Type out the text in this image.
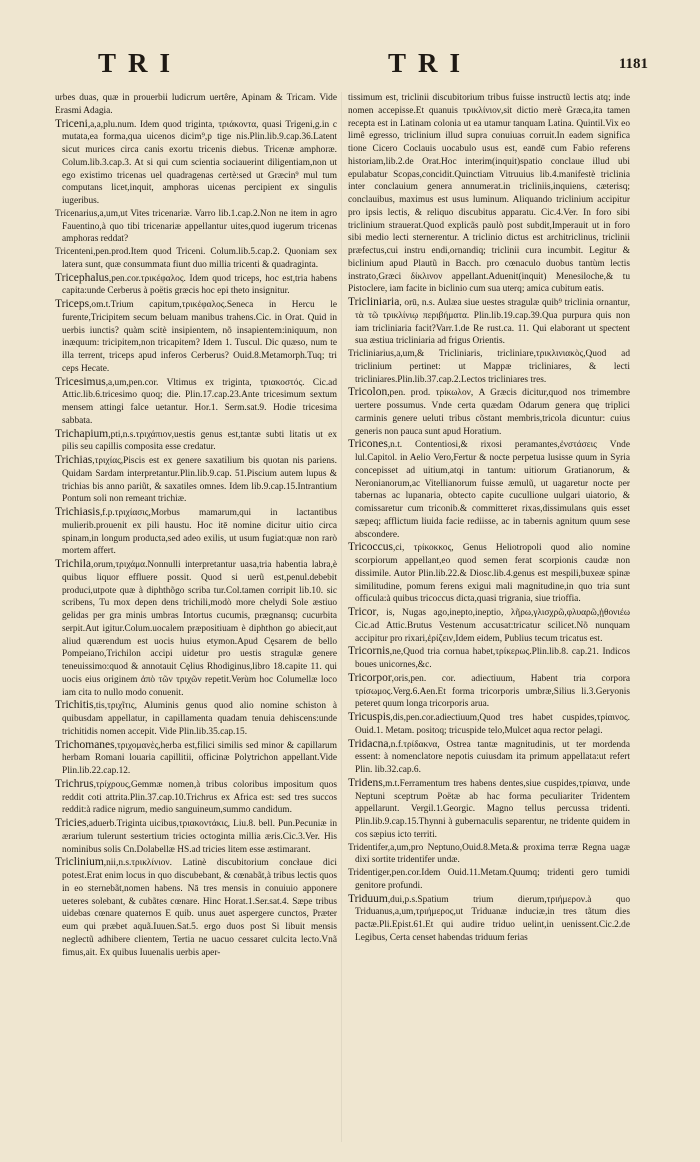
TRI	TRI	1181

urbes duas, quæ in prouerbii ludicrum uertêre, Apinam & Tricam. Vide Erasmi Adagia.

Triceni,a,a,plu.num. Idem quod triginta, τριάκοντα, quasi Trigeni,g.in c mutata,ea forma,qua uicenos dicim⁹,p tige nis.Plin.lib.9.cap.36.Latent sicut murices circa canis exortu tricenis diebus. Tricenæ amphoræ. Colum.lib.3.cap.3. At si qui cum scientia sociauerint diligentiam,non ut ego existimo tricenas uel quadragenas certè:sed ut Græcin⁹ mul tum computans licet,inquit, amphoras uicenas percipient ex singulis iugeribus.

Tricenarius,a,um,ut Vites tricenariæ. Varro lib.1.cap.2.Non ne item in agro Fauentino,à quo tibi tricenariæ appellantur uites,quod iugerum tricenas amphoras reddat?

Tricenteni,pen.prod.Item quod Triceni. Colum.lib.5.cap.2. Quoniam sex latera sunt, quæ consummata fiunt duo millia tricenti & quadraginta.

Tricephalus,pen.cor.τρικέφαλος. Idem quod triceps, hoc est,tria habens capita:unde Cerberus à poëtis græcis hoc epi theto insignitur.

Triceps,om.t.Trium capitum,τρικέφαλος.Seneca in Hercu le furente,Tricipitem secum beluam manibus trahens.Cic. in Orat. Quid in uerbis iunctis? quàm scitè insipientem, nõ insapientem:iniquum, non inæquum: tricipitem,non tricapitem? Idem 1. Tuscul. Dic quæso, num te illa terrent, triceps apud inferos Cerberus? Ouid.8.Metamorph.Tuq; tri ceps Hecate.

Tricesimus,a,um,pen.cor. Vltimus ex triginta, τριακοστός. Cic.ad Attic.lib.6.tricesimo quoq; die. Plin.17.cap.23.Ante tricesimum sextum mensem attingi falce uetantur. Hor.1. Serm.sat.9. Hodie tricesima sabbata.

Trichapium,pti,n.s.τριχάπιον,uestis genus est,tantæ subti litatis ut ex pilis seu capillis composita esse credatur.

Trichias,τριχίας,Piscis est ex genere saxatilium bis quotan nis pariens. Quidam Sardam interpretantur.Plin.lib.9.cap. 51.Piscium autem lupus & trichias bis anno pariũt, & saxatiles omnes. Idem lib.9.cap.15.Intrantium Pontum soli non remeant trichiæ.

Trichiasis,f.p.τριχίασις,Morbus mamarum,qui in lactantibus mulierib.prouenit ex pili haustu. Hoc itē nomine dicitur uitio circa spinam,in longum producta,sed adeo exilis, ut usum fugiat:quæ non rarò mortem affert.

Trichila,orum,τριχάμα.Nonnulli interpretantur uasa,tria habentia labra,è quibus liquor effluere possit. Quod si uerũ est,penul.debebit produci,utpote quæ à diphthõgo scriba tur.Col.tamen corripit lib.10. sic scribens, Tu mox depen dens trichili,modò more chelydi Sole æstiuo gelidas per gra minis umbras Intortus cucumis, prægnansq; cucurbita serpit.Aut igitur.Colum.uocalem præpositiuam è diphthon go abiecit,aut aliud quærendum est uocis huius etymon.Apud Cęsarem de bello Pompeiano,Trichilon accipi uidetur pro uestis stragulæ genere teneuissimo:quod & annotauit Cęlius Rhodiginus,libro 18.capite 11. qui uocis eius originem ἀπὸ τῶν τριχῶν repetit.Verùm hoc Columellæ loco iam cita to nullo modo conuenit.

Trichitis,tis,τριχῖτις, Aluminis genus quod alio nomine schiston à quibusdam appellatur, in capillamenta quadam tenuia dehiscens:unde trichitidis nomen accepit. Vide Plin.lib.35.cap.15.

Trichomanes,τριχομανὲς,herba est,filici similis sed minor & capillarum herbam Romani louaria capillitii, officinæ Polytrichon appellant.Vide Plin.lib.22.cap.12.

Trichrus,τρίχρους,Gemmæ nomen,à tribus coloribus impositum quos reddit coti attrita.Plin.37.cap.10.Trichrus ex Africa est: sed tres succos reddit:à radice nigrum, medio sanguineum,summo candidum.

Tricies,aduerb.Triginta uicibus,τριακοντάκις, Liu.8. bell. Pun.Pecuniæ in ærarium tulerunt sestertium tricies octoginta millia æris.Cic.3.Ver. His nominibus solis Cn.Dolabellæ HS.ad tricies litem esse æstimarant.

Triclinium,nii,n.s.τρικλίνιον. Latinè discubitorium concłaue dici potest.Erat enim locus in quo discubebant, & cœnabãt,à tribus lectis quos in eo sternebãt,nomen habens. Nā tres mensis in conuiuio apponere ueteres solebant, & cubãtes cœnare. Hinc Horat.1.Ser.sat.4. Sæpe tribus uidebas cœnare quaternos E quib. unus auet aspergere cunctos, Præter eum qui præbet aquã.Iuuen.Sat.5. ergo duos post Si libuit mensis neglectũ adhibere clientem, Tertia ne uacuo cessaret culcita lecto.Vnã fimus,ait. Ex quibus Iuuenalis uerbis aper-

tissimum est, triclinii discubitorium tribus fuisse instructũ lectis atq; inde nomen accepisse.Et quanuis τρικλίνιον,sit dictio merè Græca,ita tamen recepta est in Latinam colonia ut ea utamur tanquam Latina. Quintil.Vix eo limê egresso, triclinium illud supra conuiuas corruit.In eadem significa tione Cicero Coclauis uocabulo usus est, eandē cum Fabio referens historiam,lib.2.de Orat.Hoc interim(inquit)spatio conclaue illud ubi epulabatur Scopas,concidit.Quinctiam Vitruuius lib.4.manifestè triclinia inter conclauium genera annumerat.in tricliniis,inquiens, cæterisq; conclauibus, maximus est usus luminum. Aliquando triclinium accipitur pro ipsis lectis, & reliquo discubitus apparatu. Cic.4.Ver. In foro sibi triclinium strauerat.Quod explicãs paulò post subdit,Imperauit ut in foro sibi medio lecti sternerentur. A triclinio dictus est architriclinus, triclinii præfectus,cui instru endi,ornandiq; triclinii cura incumbit. Legitur & biclinium apud Plautũ in Bacch. pro cœnaculo duobus tantùm lectis instrato,Græci δίκλινον appellant.Aduenit(inquit) Menesiloche,& tu Pistoclere, iam facite in biclinio cum sua uterq; amica cubitum eatis.

Tricliniaria, orū, n.s. Aulæa siue uestes stragulæ quib⁹ triclinia ornantur, τὰ τῶ τρικλίνιῳ περιβήματα. Plin.lib.19.cap.39.Qua purpura quis non iam tricliniaria facit?Varr.1.de Re rust.ca. 11. Qui elaborant ut spectent sua æstiua tricliniaria ad frigus Orientis.

Tricliniarius,a,um,& Tricliniaris, tricliniare,τρικλινιακὸς,Quod ad triclinium pertinet: ut Mappæ tricliniares, & lecti tricliniares.Plin.lib.37.cap.2.Lectos tricliniares tres.

Tricolon,pen. prod. τρίκωλον, A Græcis dicitur,quod nos trimembre uertere possumus. Vnde certa quædam Odarum genera quę triplici carminis genere ueluti tribus cõstant membris,tricola dicuntur: cuius generis non pauca sunt apud Horatium.

Tricones,n.t. Contentiosi,& rixosi peramantes,ἐνστάσεις Vnde lul.Capitol. in Aelio Vero,Fertur & nocte perpetua lusisse quum in Syria concepisset ad uitium,atqi in tantum: uitiorum Gratianorum, & Neronianorum,ac Vitellianorum fuisse æmulũ, ut uagaretur nocte per tabernas ac lupanaria, obtecto capite cucullione uulgari uiatorio, & comissaretur cum triconib.& committeret rixas,dissimulans quis esset sæpeq; afflictum liuida facie rediisse, ac in tabernis agnitum quum sese abscondere.

Tricoccus,ci, τρίκοκκος, Genus Heliotropoli quod alio nomine scorpiorum appellant,eo quod semen ferat scorpionis caudæ non dissimile. Autor Plin.lib.22.& Diosc.lib.4.genus est mespili,buxeæ spinæ similitudine, pomum ferens exigui mali magnitudine,in quo tria sunt officula:à quibus tricoccus dicta,quasi trigrania, siue trioffia.

Tricor, is, Nugas ago,inepto,ineptio, λῆρω,γλισχρῶ,φλυαρῶ,ᾐθονιέω Cic.ad Attic.Brutus Vestenum accusat:tricatur scilicet.Nõ nunquam accipitur pro rixari,ἐρίζειν,Idem eidem, Publius tecum tricatus est.

Tricornis,ne,Quod tria cornua habet,τρίκερως.Plin.lib.8. cap.21. Indicos boues unicornes,&c.

Tricorpor,oris,pen. cor. adiectiuum, Habent tria corpora τρίσωμος.Verg.6.Aen.Et forma tricorporis umbræ,Silius li.3.Geryonis peteret quum longa tricorporis arua.

Tricuspis,dis,pen.cor.adiectiuum,Quod tres habet cuspides,τρίαινος. Ouid.1. Metam. positoq; tricuspide telo,Mulcet aqua rector pelagi.

Tridacna,n.f.τρίδακνα, Ostrea tantæ magnitudinis, ut ter mordenda essent: à nomenclatore nepotis cuiusdam ita primum appellata:ut refert Plin. lib.32.cap.6.

Tridens,m.t.Ferramentum tres habens dentes,siue cuspides,τρίαινα, unde Neptuni sceptrum Poëtæ ab hac forma peculiariter Tridentem appellarunt. Vergil.1.Georgic. Magno tellus percussa tridenti. Plin.lib.9.cap.15.Thynni à gubernaculis separentur, ne tridente quidem in cos sæpius icto territi.

Tridentifer,a,um,pro Neptuno,Ouid.8.Meta.& proxima terræ Regna uagæ dixi sortite tridentifer undæ.

Tridentiger,pen.cor.Idem Ouid.11.Metam.Quumq; tridenti gero tumidi genitore profundi.

Triduum,dui,p.s.Spatium trium dierum,τριήμερον.à quo Triduanus,a,um,τριήμερος,ut Triduanæ induciæ,in tres tãtum dies pactæ.Pli.Epist.61.Et qui audire triduo uelint,in uenissent.Cic.2.de Legibus, Certa censet habendas triduum ferias
